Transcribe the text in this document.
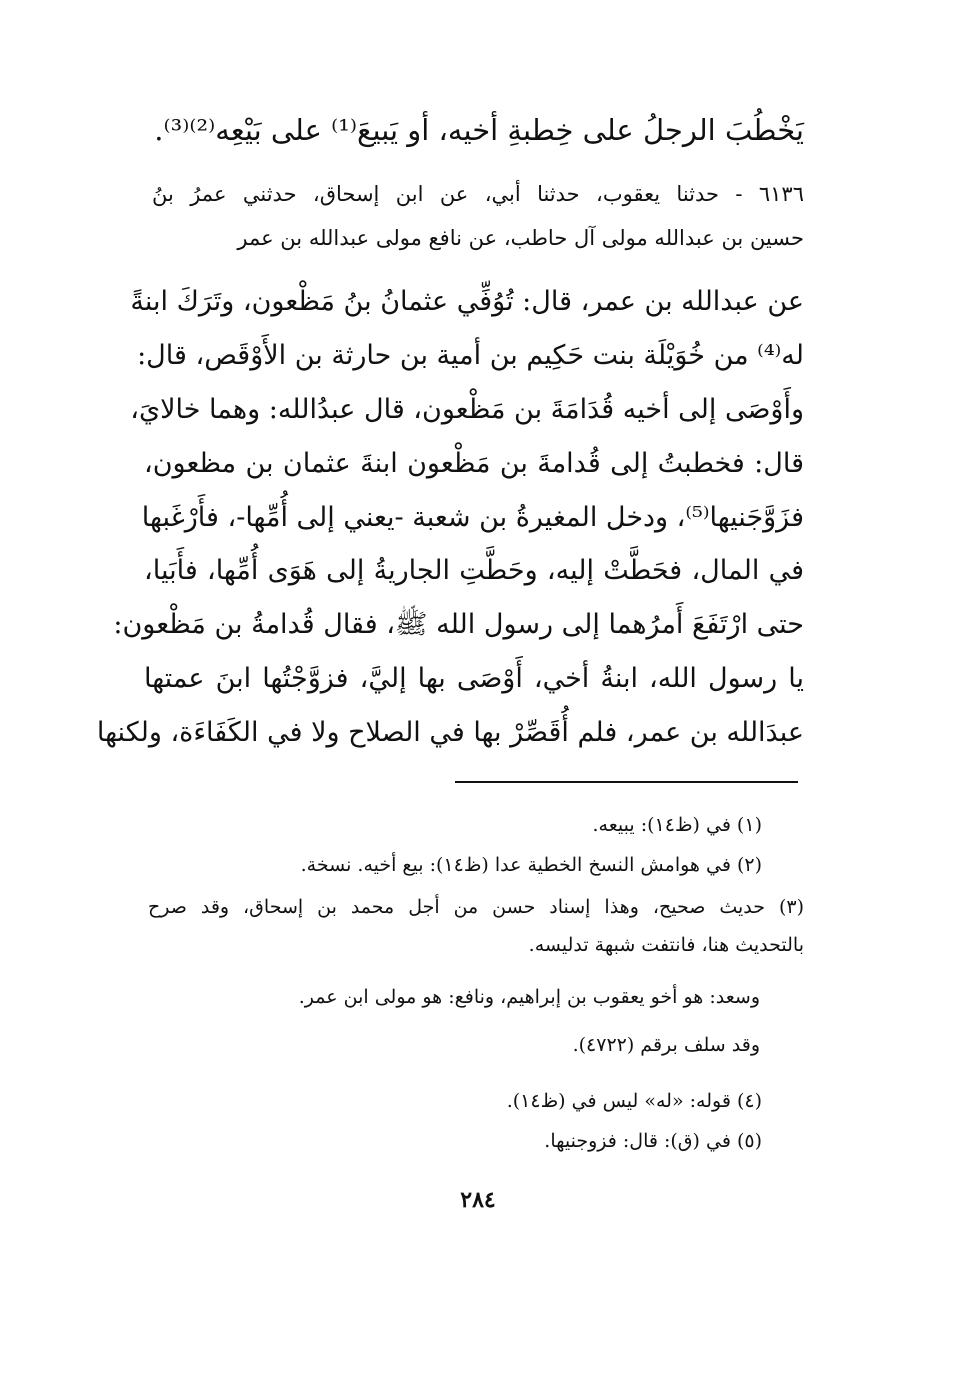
يَخْطُبَ الرجلُ على خِطبةِ أخيه، أو يَبيعَ⁽¹⁾ على بَيْعِه⁽²⁾⁽³⁾.
٦١٣٦ - حدثنا يعقوب، حدثنا أبي، عن ابن إسحاق، حدثني عمرُ بنُ
حسين بن عبدالله مولى آل حاطب، عن نافع مولى عبدالله بن عمر
عن عبدالله بن عمر، قال: تُوُفِّي عثمانُ بنُ مَظْعون، وتَرَكَ ابنةً
له⁽⁴⁾ من خُوَيْلَة بنت حَكِيم بن أمية بن حارثة بن الأَوْقَص، قال:
وأَوْصَى إلى أخيه قُدَامَةَ بن مَظْعون، قال عبدُالله: وهما خالايَ،
قال: فخطبتُ إلى قُدامةَ بن مَظْعون ابنةَ عثمان بن مظعون،
فزَوَّجَنيها⁽⁵⁾، ودخل المغيرةُ بن شعبة -يعني إلى أُمِّها-، فأَرْغَبها
في المال، فحَطَّتْ إليه، وحَطَّتِ الجاريةُ إلى هَوَى أُمِّها، فأَبَيا،
حتى ارْتَفَعَ أَمرُهما إلى رسول الله ﷺ، فقال قُدامةُ بن مَظْعون:
يا رسول الله، ابنةُ أخي، أَوْصَى بها إليَّ، فزوَّجْتُها ابنَ عمتها
عبدَالله بن عمر، فلم أُقَصِّرْ بها في الصلاح ولا في الكَفَاءَة، ولكنها
(١) في (ظ١٤): يبيعه.
(٢) في هوامش النسخ الخطية عدا (ظ١٤): بيع أخيه. نسخة.
(٣) حديث صحيح، وهذا إسناد حسن من أجل محمد بن إسحاق، وقد صرح
بالتحديث هنا، فانتفت شبهة تدليسه.
وسعد: هو أخو يعقوب بن إبراهيم، ونافع: هو مولى ابن عمر.
وقد سلف برقم (٤٧٢٢).
(٤) قوله: «له» ليس في (ظ١٤).
(٥) في (ق): قال: فزوجنيها.
٢٨٤
